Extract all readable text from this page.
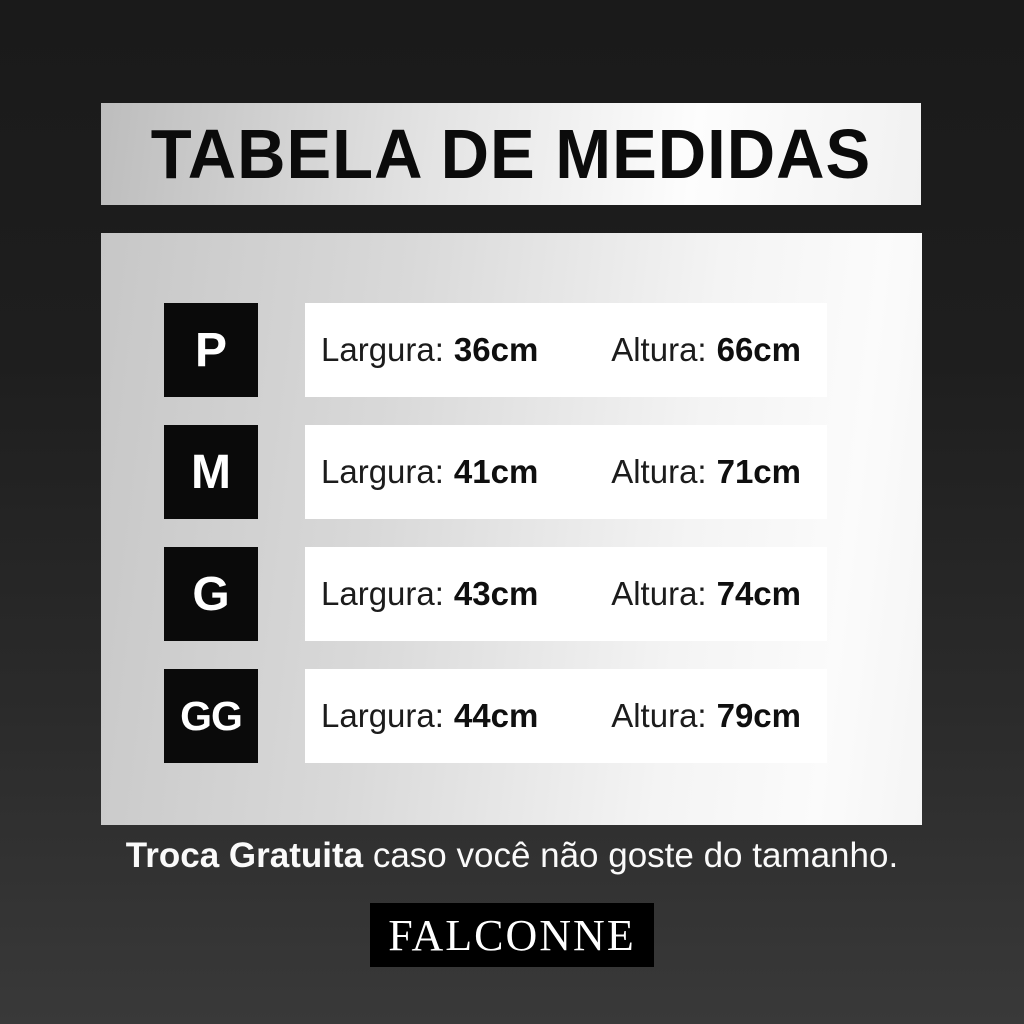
TABELA DE MEDIDAS
P	Largura: 36cm Altura: 66cm
M	Largura: 41cm Altura: 71cm
G	Largura: 43cm Altura: 74cm
GG Largura: 44cm Altura: 79cm
Troca Gratuita caso você não goste do tamanho.
FALCONNE
